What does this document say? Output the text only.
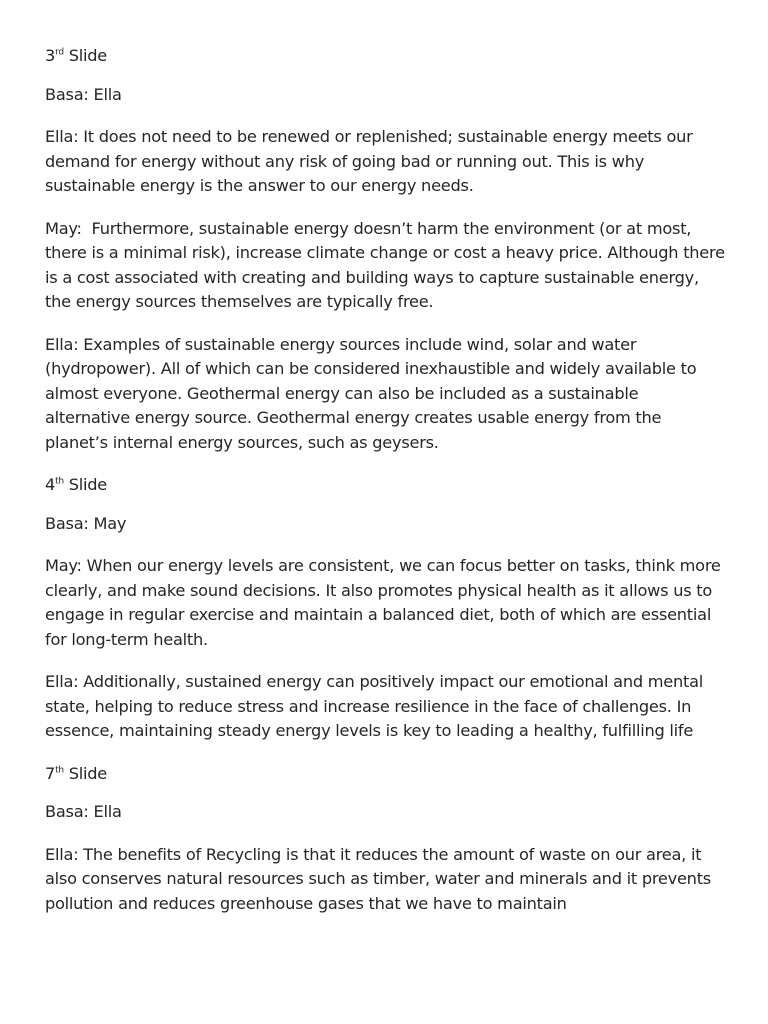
3rd Slide

Basa: Ella

Ella: It does not need to be renewed or replenished; sustainable energy meets our demand for energy without any risk of going bad or running out. This is why sustainable energy is the answer to our energy needs.

May:  Furthermore, sustainable energy doesn’t harm the environment (or at most, there is a minimal risk), increase climate change or cost a heavy price. Although there is a cost associated with creating and building ways to capture sustainable energy, the energy sources themselves are typically free.

Ella: Examples of sustainable energy sources include wind, solar and water (hydropower). All of which can be considered inexhaustible and widely available to almost everyone. Geothermal energy can also be included as a sustainable alternative energy source. Geothermal energy creates usable energy from the planet’s internal energy sources, such as geysers.

4th Slide

Basa: May

May: When our energy levels are consistent, we can focus better on tasks, think more clearly, and make sound decisions. It also promotes physical health as it allows us to engage in regular exercise and maintain a balanced diet, both of which are essential for long-term health.

Ella: Additionally, sustained energy can positively impact our emotional and mental state, helping to reduce stress and increase resilience in the face of challenges. In essence, maintaining steady energy levels is key to leading a healthy, fulfilling life

7th Slide

Basa: Ella

Ella: The benefits of Recycling is that it reduces the amount of waste on our area, it also conserves natural resources such as timber, water and minerals and it prevents pollution and reduces greenhouse gases that we have to maintain
